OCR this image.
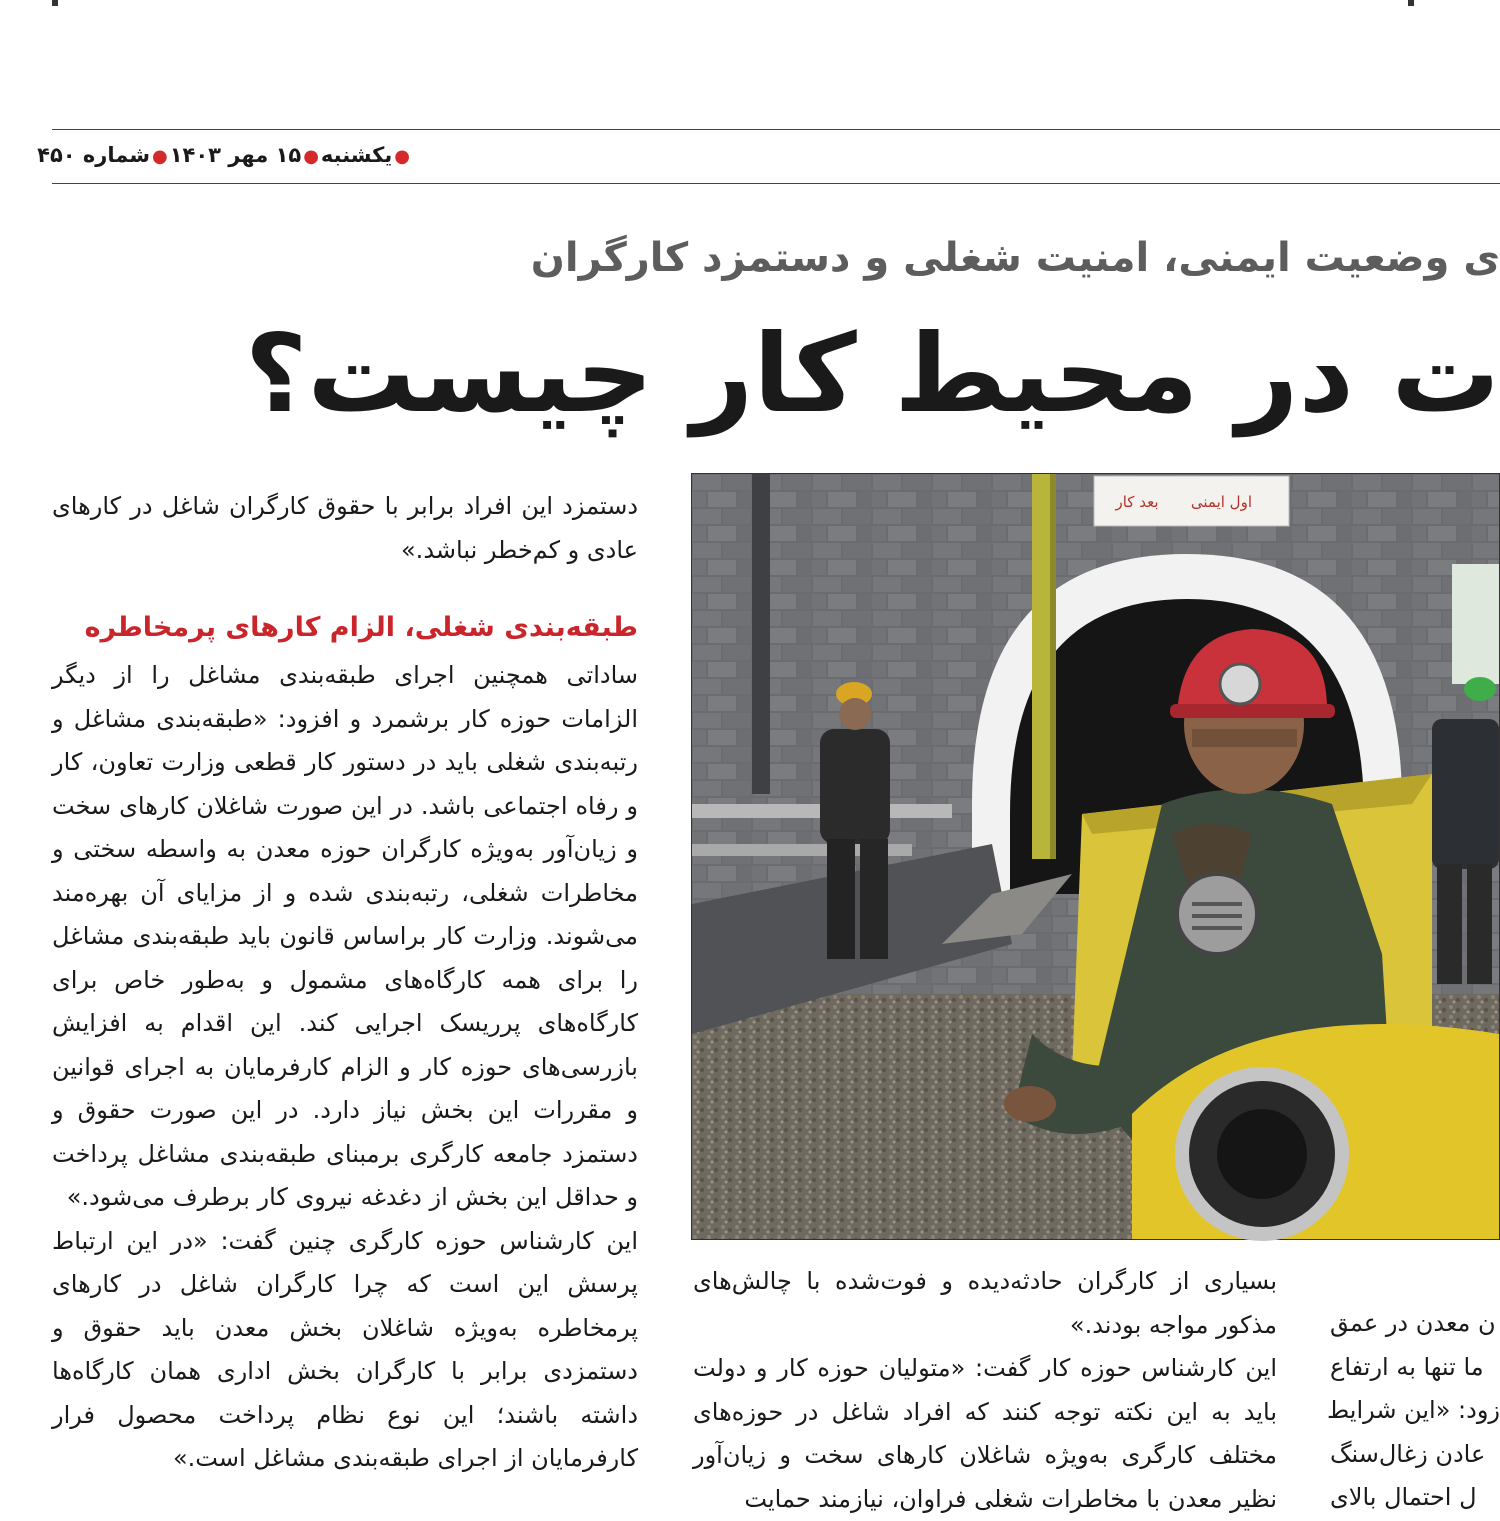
●یکشنبه●۱۵ مهر ۱۴۰۳●شماره ۴۵۰
ی وضعیت ایمنی، امنیت شغلی و دستمزد کارگران
ت در محیط کار چیست؟

دستمزد این افراد برابر با حقوق کارگران شاغل در کارهای عادی و کم‌خطر نباشد.»

طبقه‌بندی شغلی، الزام کارهای پرمخاطره

ساداتی همچنین اجرای طبقه‌بندی مشاغل را از دیگر الزامات حوزه کار برشمرد و افزود: «طبقه‌بندی مشاغل و رتبه‌بندی شغلی باید در دستور کار قطعی وزارت تعاون، کار و رفاه اجتماعی باشد. در این صورت شاغلان کارهای سخت و زیان‌آور به‌ویژه کارگران حوزه معدن به واسطه سختی و مخاطرات شغلی، رتبه‌بندی شده و از مزایای آن بهره‌مند می‌شوند. وزارت کار براساس قانون باید طبقه‌بندی مشاغل را برای همه کارگاه‌های مشمول و به‌طور خاص برای کارگاه‌های پرریسک اجرایی کند. این اقدام به افزایش بازرسی‌های حوزه کار و الزام کارفرمایان به اجرای قوانین و مقررات این بخش نیاز دارد. در این صورت حقوق و دستمزد جامعه کارگری برمبنای طبقه‌بندی مشاغل پرداخت و حداقل این بخش از دغدغه نیروی کار برطرف می‌شود.»

این کارشناس حوزه کارگری چنین گفت: «در این ارتباط پرسش این است که چرا کارگران شاغل در کارهای پرمخاطره به‌ویژه شاغلان بخش معدن باید حقوق و دستمزدی برابر با کارگران بخش اداری همان کارگاه‌ها داشته باشند؛ این نوع نظام پرداخت محصول فرار کارفرمایان از اجرای طبقه‌بندی مشاغل است.»

اول ایمنی
بعد کار

بسیاری از کارگران حادثه‌دیده و فوت‌شده با چالش‌های مذکور مواجه بودند.»

این کارشناس حوزه کار گفت: «متولیان حوزه کار و دولت باید به این نکته توجه کنند که افراد شاغل در حوزه‌های مختلف کارگری به‌ویژه شاغلان کارهای سخت و زیان‌آور نظیر معدن با مخاطرات شغلی فراوان، نیازمند حمایت

ن معدن در عمق
ما تنها به ارتفاع
زود: «این شرایط
عادن زغال‌سنگ
ل احتمال بالای
